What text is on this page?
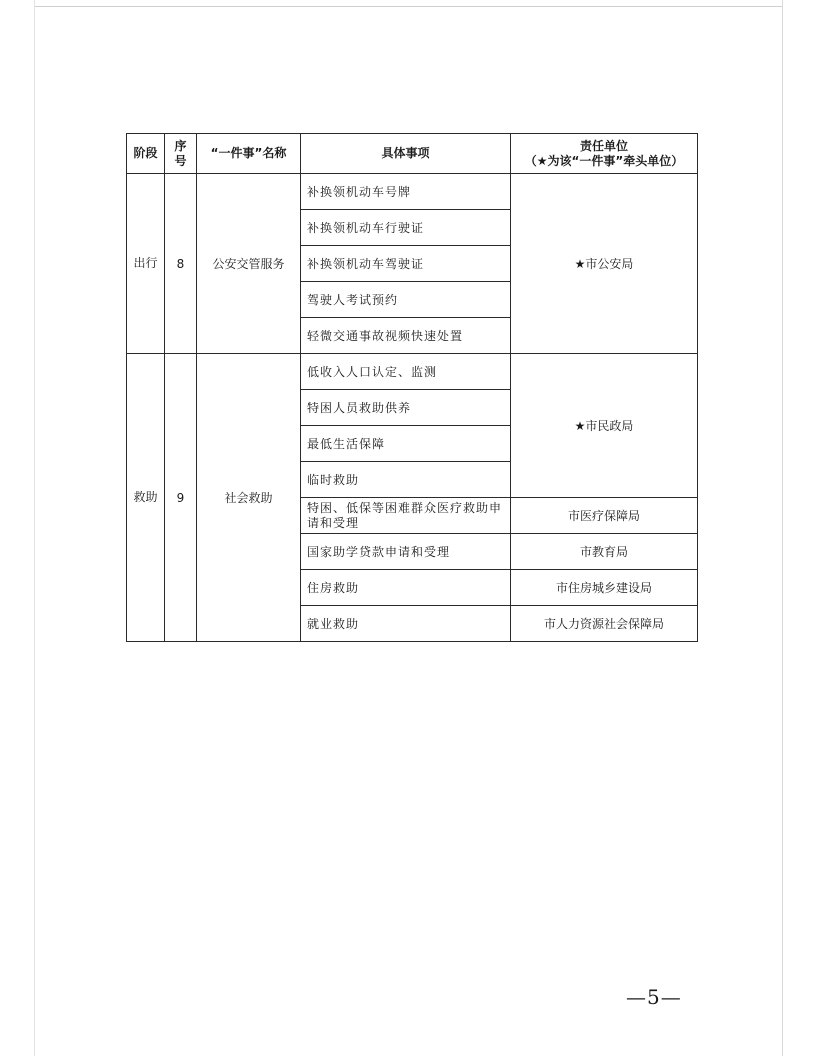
阶段	序号	“一件事”名称	具体事项	责任单位
（★为该“一件事”牵头单位）

出行	8	公安交管服务	补换领机动车号牌	★市公安局
			补换领机动车行驶证	
			补换领机动车驾驶证	
			驾驶人考试预约	
			轻微交通事故视频快速处置	
救助	9	社会救助	低收入人口认定、监测	★市民政局
			特困人员救助供养	
			最低生活保障	
			临时救助	
			特困、低保等困难群众医疗救助申请和受理	市医疗保障局
			国家助学贷款申请和受理	市教育局
			住房救助	市住房城乡建设局
			就业救助	市人力资源社会保障局
—5—
